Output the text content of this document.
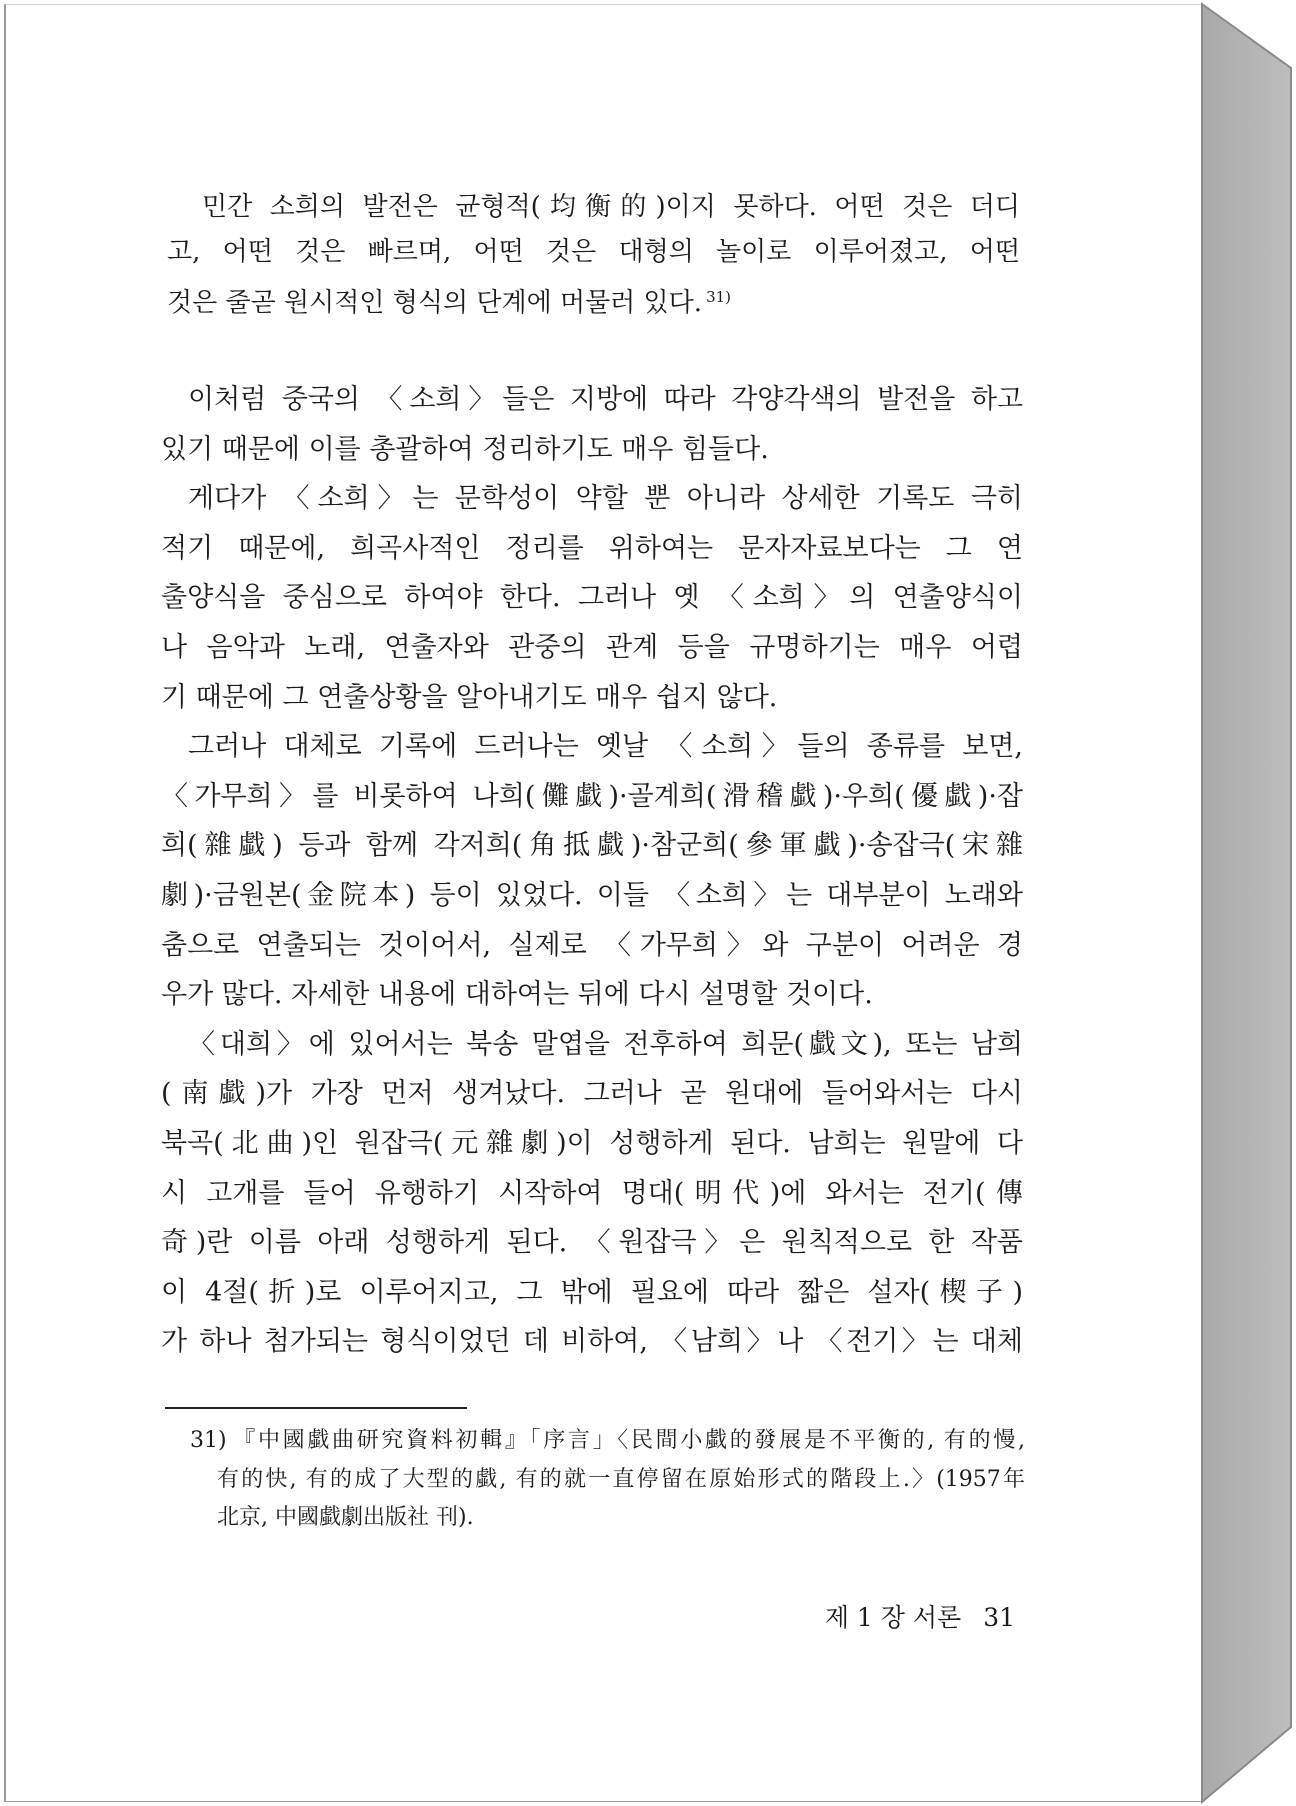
민간 소희의 발전은 균형적(均衡的)이지 못하다. 어떤 것은 더디
고, 어떤 것은 빠르며, 어떤 것은 대형의 놀이로 이루어졌고, 어떤
것은 줄곧 원시적인 형식의 단계에 머물러 있다. $^{31)}$
이처럼 중국의 〈소희〉들은 지방에 따라 각양각색의 발전을 하고
있기 때문에 이를 총괄하여 정리하기도 매우 힘들다.
게다가 〈소희〉는 문학성이 약할 뿐 아니라 상세한 기록도 극히
적기 때문에, 희곡사적인 정리를 위하여는 문자자료보다는 그 연
출양식을 중심으로 하여야 한다. 그러나 옛 〈소희〉의 연출양식이
나 음악과 노래, 연출자와 관중의 관계 등을 규명하기는 매우 어렵
기 때문에 그 연출상황을 알아내기도 매우 쉽지 않다.
그러나 대체로 기록에 드러나는 옛날 〈소희〉들의 종류를 보면,
〈가무희〉를 비롯하여 나희(儺戱)·골계희(滑稽戱)·우희(優戱)·잡
희(雜戱) 등과 함께 각저희(角抵戱)·참군희(參軍戱)·송잡극(宋雜
劇)·금원본(金院本) 등이 있었다. 이들 〈소희〉는 대부분이 노래와
춤으로 연출되는 것이어서, 실제로 〈가무희〉와 구분이 어려운 경
우가 많다. 자세한 내용에 대하여는 뒤에 다시 설명할 것이다.
〈대희〉에 있어서는 북송 말엽을 전후하여 희문(戱文), 또는 남희
(南戱)가 가장 먼저 생겨났다. 그러나 곧 원대에 들어와서는 다시
북곡(北曲)인 원잡극(元雜劇)이 성행하게 된다. 남희는 원말에 다
시 고개를 들어 유행하기 시작하여 명대(明代)에 와서는 전기(傳
奇)란 이름 아래 성행하게 된다. 〈원잡극〉은 원칙적으로 한 작품
이 4절(折)로 이루어지고, 그 밖에 필요에 따라 짧은 설자(楔子)
가 하나 첨가되는 형식이었던 데 비하여, 〈남희〉나 〈전기〉는 대체
31) 『中國戱曲研究資料初輯』「序言」〈民間小戱的發展是不平衡的, 有的慢,
有的快, 有的成了大型的戱, 有的就一直停留在原始形式的階段上.〉(1957年
北京, 中國戱劇出版社 刊).
제 1 장 서론 31
